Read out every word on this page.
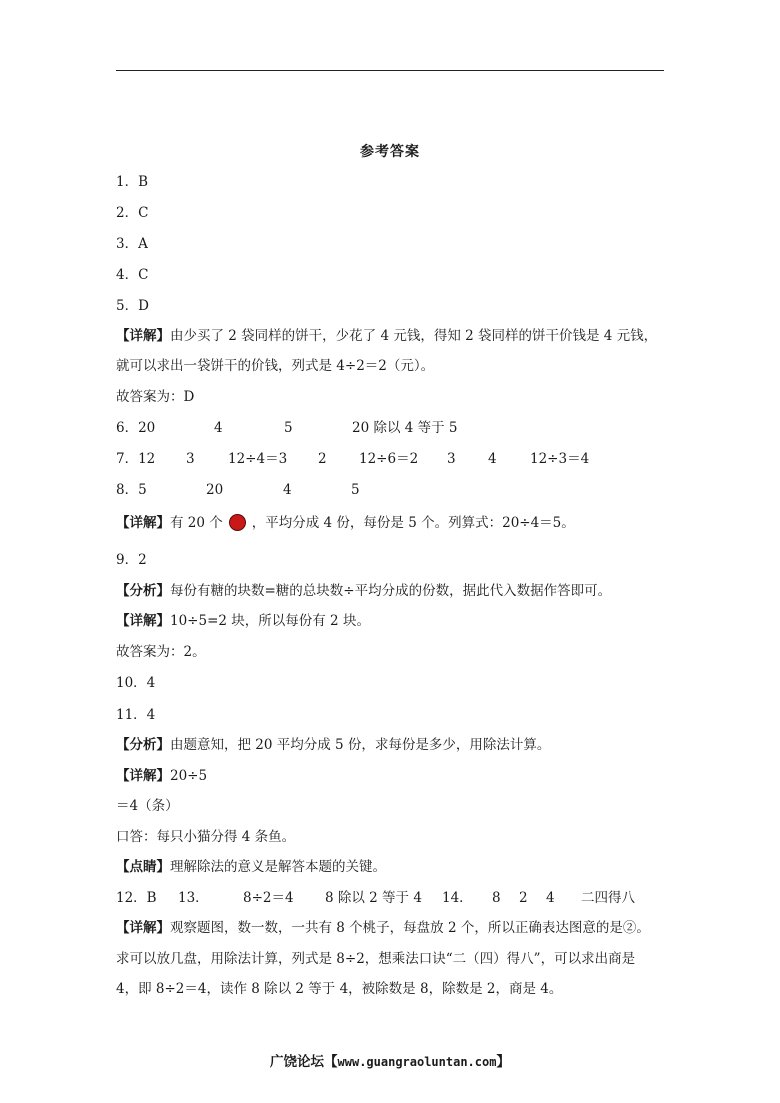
参考答案
1．B
2．C
3．A
4．C
5．D
【详解】由少买了 2 袋同样的饼干，少花了 4 元钱，得知 2 袋同样的饼干价钱是 4 元钱，
就可以求出一袋饼干的价钱，列式是 4÷2＝2（元）。
故答案为：D
6．20	4	5	20 除以 4 等于 5
7．12 3 12÷4＝3 2 12÷6＝2 3 4 12÷3＝4
8．5	20	4	5
【详解】有 20 个 ，平均分成 4 份，每份是 5 个。列算式：20÷4＝5。
9．2
【分析】每份有糖的块数=糖的总块数÷平均分成的份数，据此代入数据作答即可。
【详解】10÷5=2 块，所以每份有 2 块。
故答案为：2。
10．4
11．4
【分析】由题意知，把 20 平均分成 5 份，求每份是多少，用除法计算。
【详解】20÷5
＝4（条）
口答：每只小猫分得 4 条鱼。
【点睛】理解除法的意义是解答本题的关键。
12．B 13．	8÷2＝4 8 除以 2 等于 4 14． 8 2 4 二四得八
【详解】观察题图，数一数，一共有 8 个桃子，每盘放 2 个，所以正确表达图意的是②。
求可以放几盘，用除法计算，列式是 8÷2，想乘法口诀“二（四）得八”，可以求出商是
4，即 8÷2＝4，读作 8 除以 2 等于 4，被除数是 8，除数是 2，商是 4。
广饶论坛【www.guangraoluntan.com】
